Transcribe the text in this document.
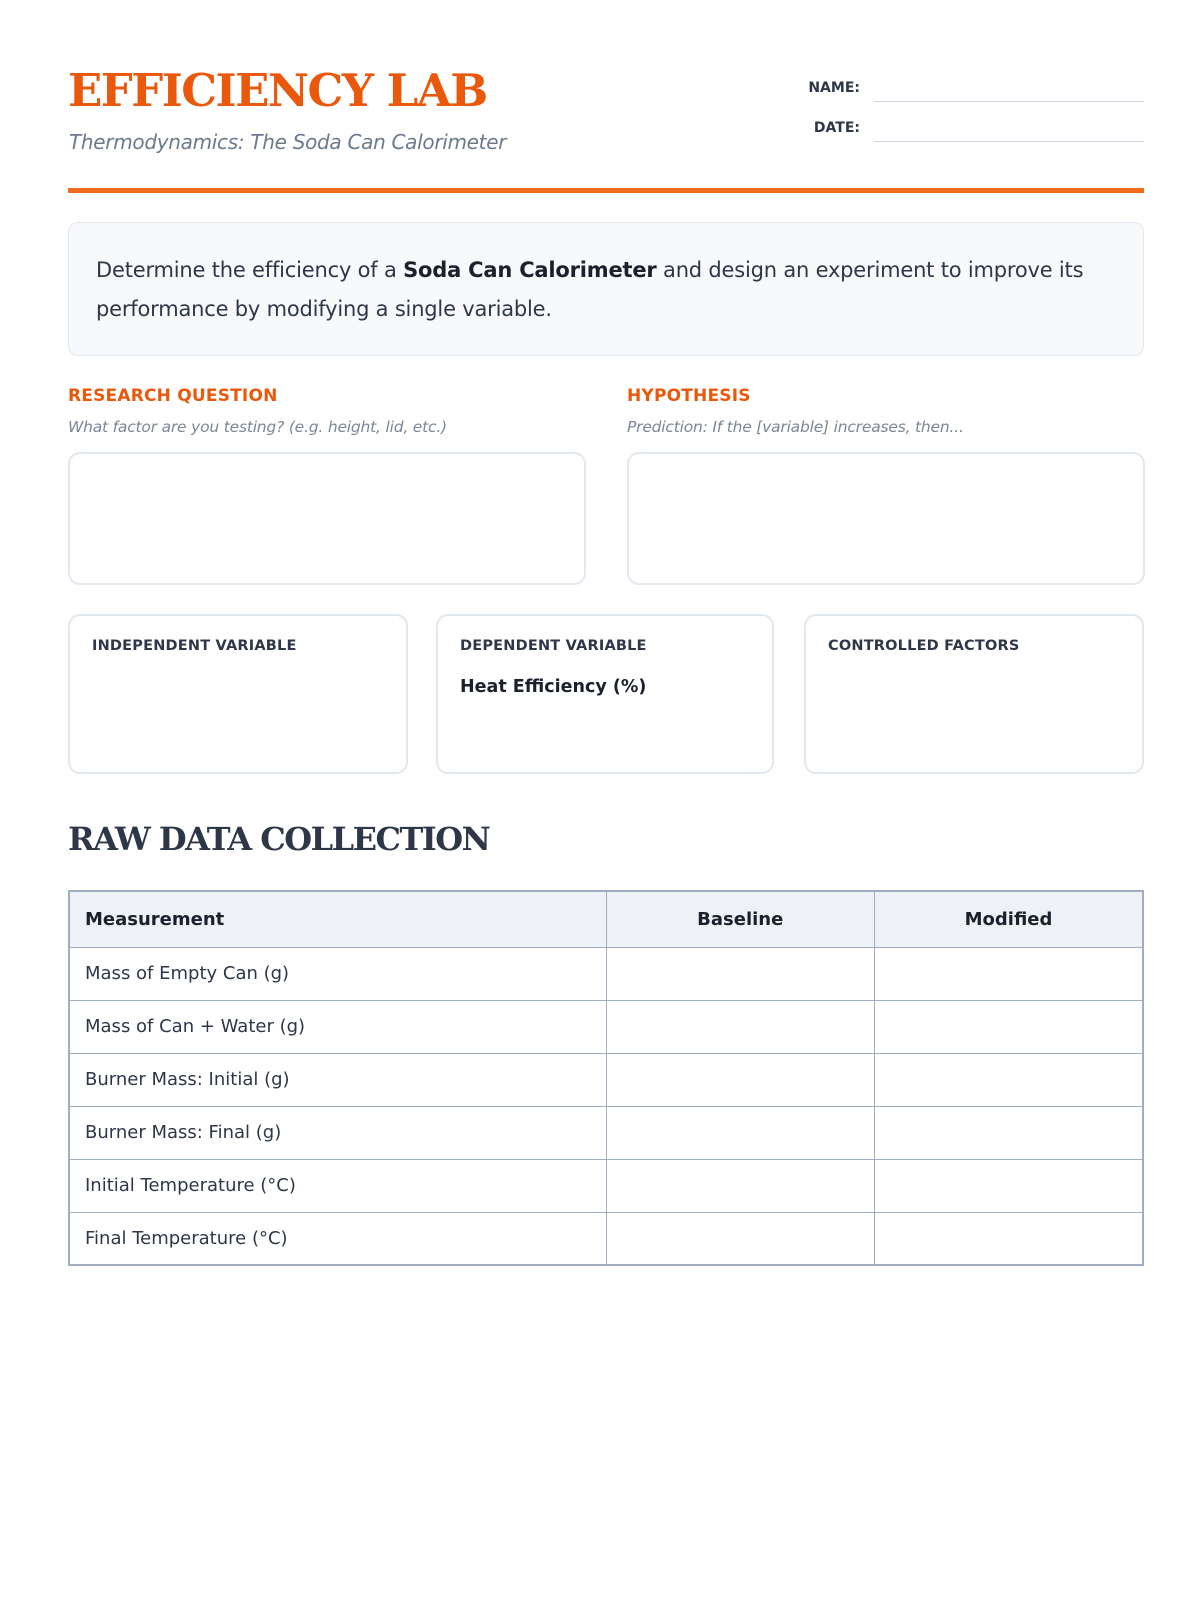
EFFICIENCY LAB
Thermodynamics: The Soda Can Calorimeter
NAME:
DATE:
Determine the efficiency of a Soda Can Calorimeter and design an experiment to improve its performance by modifying a single variable.
RESEARCH QUESTION
What factor are you testing? (e.g. height, lid, etc.)
HYPOTHESIS
Prediction: If the [variable] increases, then...
INDEPENDENT VARIABLE	DEPENDENT VARIABLE
Heat Efficiency (%)
CONTROLLED FACTORS
RAW DATA COLLECTION
Measurement	Baseline	Modified
Mass of Empty Can (g)		
Mass of Can + Water (g)		
Burner Mass: Initial (g)		
Burner Mass: Final (g)		
Initial Temperature (°C)		
Final Temperature (°C)		
